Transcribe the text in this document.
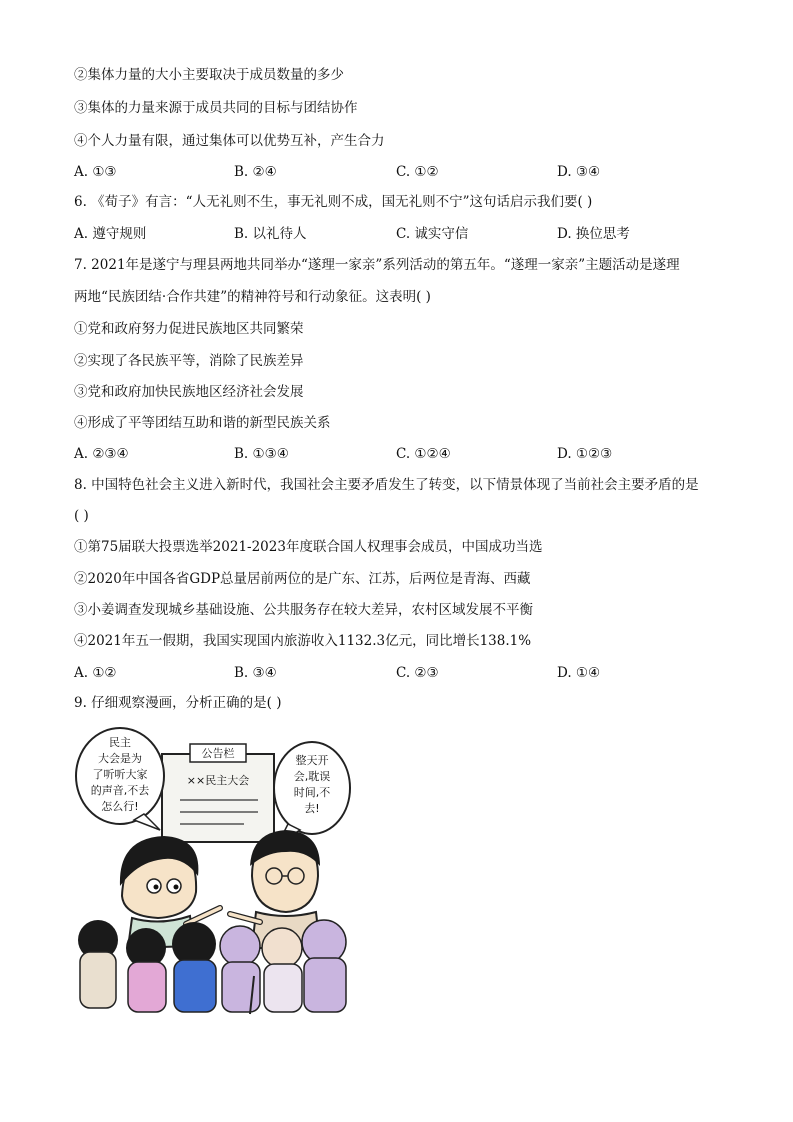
②集体力量的大小主要取决于成员数量的多少
③集体的力量来源于成员共同的目标与团结协作
④个人力量有限，通过集体可以优势互补，产生合力
A. ①③	B. ②④	C. ①②	D. ③④
6. 《荀子》有言：“人无礼则不生，事无礼则不成，国无礼则不宁”这句话启示我们要( )
A. 遵守规则	B. 以礼待人	C. 诚实守信	D. 换位思考
7. 2021年是遂宁与理县两地共同举办“遂理一家亲”系列活动的第五年。“遂理一家亲”主题活动是遂理
两地“民族团结·合作共建”的精神符号和行动象征。这表明( )
①党和政府努力促进民族地区共同繁荣
②实现了各民族平等，消除了民族差异
③党和政府加快民族地区经济社会发展
④形成了平等团结互助和谐的新型民族关系
A. ②③④	B. ①③④	C. ①②④	D. ①②③
8. 中国特色社会主义进入新时代，我国社会主要矛盾发生了转变，以下情景体现了当前社会主要矛盾的是
( )
①第75届联大投票选举2021-2023年度联合国人权理事会成员，中国成功当选
②2020年中国各省GDP总量居前两位的是广东、江苏，后两位是青海、西藏
③小姜调查发现城乡基础设施、公共服务存在较大差异，农村区域发展不平衡
④2021年五一假期，我国实现国内旅游收入1132.3亿元，同比增长138.1%
A. ①②	B. ③④	C. ②③	D. ①④
9. 仔细观察漫画，分析正确的是( )
公告栏
××民主大会
民主
大会是为
了听听大家
的声音,不去
怎么行!
整天开
会,耽误
时间,不
去!
